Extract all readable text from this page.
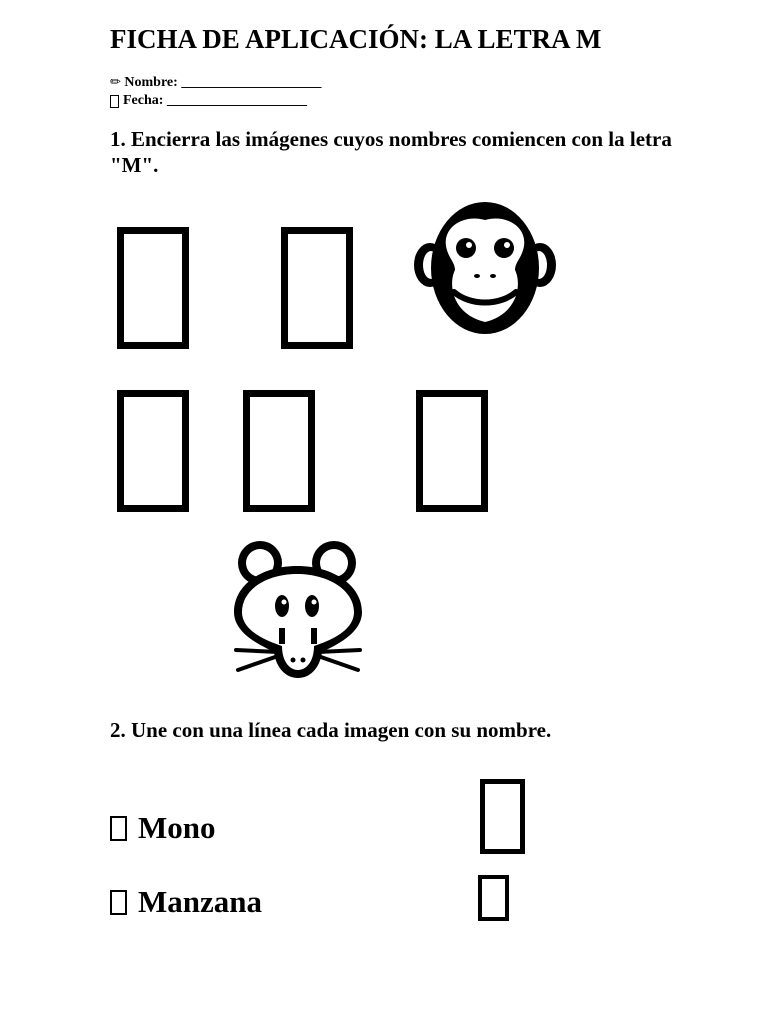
FICHA DE APLICACIÓN: LA LETRA M
✏ Nombre: ____________________
Fecha:
____________________
1. Encierra las imágenes cuyos nombres comiencen con la letra "M".
2. Une con una línea cada imagen con su nombre.
Mono
Manzana
